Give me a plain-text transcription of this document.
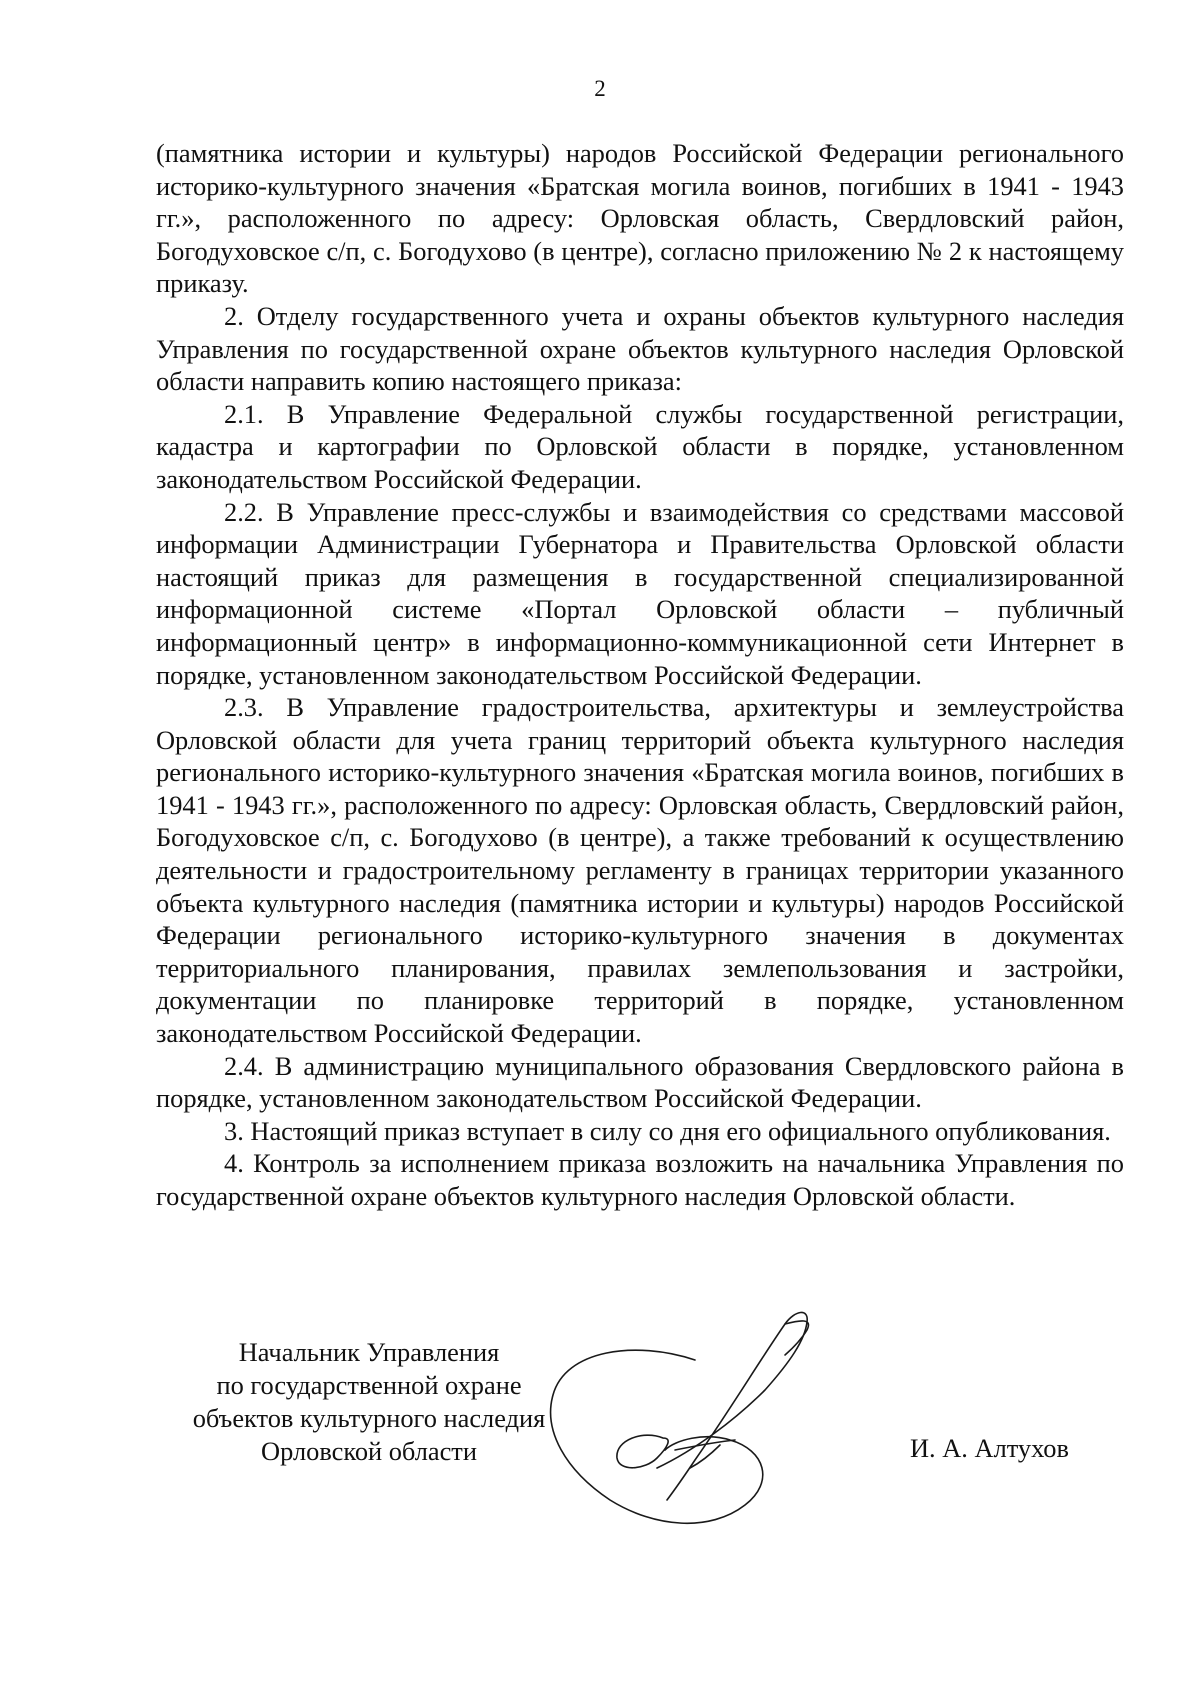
2

(памятника истории и культуры) народов Российской Федерации регионального историко-культурного значения «Братская могила воинов, погибших в 1941 - 1943 гг.», расположенного по адресу: Орловская область, Свердловский район, Богодуховское с/п, с. Богодухово (в центре), согласно приложению № 2 к настоящему приказу.

2. Отделу государственного учета и охраны объектов культурного наследия Управления по государственной охране объектов культурного наследия Орловской области направить копию настоящего приказа:

2.1. В Управление Федеральной службы государственной регистрации, кадастра и картографии по Орловской области в порядке, установленном законодательством Российской Федерации.

2.2. В Управление пресс-службы и взаимодействия со средствами массовой информации Администрации Губернатора и Правительства Орловской области настоящий приказ для размещения в государственной специализированной информационной системе «Портал Орловской области – публичный информационный центр» в информационно-коммуникационной сети Интернет в порядке, установленном законодательством Российской Федерации.

2.3. В Управление градостроительства, архитектуры и землеустройства Орловской области для учета границ территорий объекта культурного наследия регионального историко-культурного значения «Братская могила воинов, погибших в 1941 - 1943 гг.», расположенного по адресу: Орловская область, Свердловский район, Богодуховское с/п, с. Богодухово (в центре), а также требований к осуществлению деятельности и градостроительному регламенту в границах территории указанного объекта культурного наследия (памятника истории и культуры) народов Российской Федерации регионального историко-культурного значения в документах территориального планирования, правилах землепользования и застройки, документации по планировке территорий в порядке, установленном законодательством Российской Федерации.

2.4. В администрацию муниципального образования Свердловского района в порядке, установленном законодательством Российской Федерации.

3. Настоящий приказ вступает в силу со дня его официального опубликования.

4. Контроль за исполнением приказа возложить на начальника Управления по государственной охране объектов культурного наследия Орловской области.

Начальник Управления
по государственной охране
объектов культурного наследия
Орловской области	И. А. Алтухов
